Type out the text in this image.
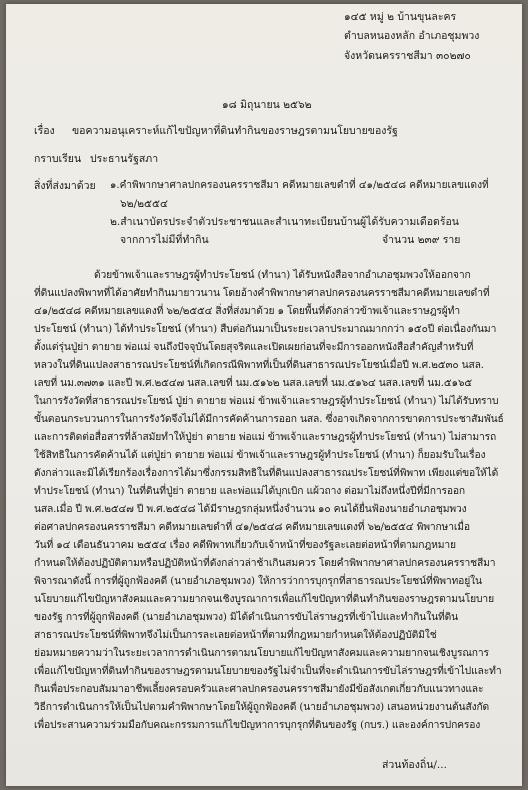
๑๔๕ หมู่ ๒ บ้านขุนละคร
ตำบลหนองหลัก อำเภอชุมพวง
จังหวัดนครราชสีมา ๓๐๒๗๐
๑๘ มิถุนายน ๒๕๖๒
เรื่อง ขอความอนุเคราะห์แก้ไขปัญหาที่ดินทำกินของราษฎรตามนโยบายของรัฐ
กราบเรียน ประธานรัฐสภา
สิ่งที่ส่งมาด้วย ๑.คำพิพากษาศาลปกครองนครราชสีมา คดีหมายเลขดำที่ ๔๑/๒๕๔๘ คดีหมายเลขแดงที่
๖๒/๒๕๕๔
๒.สำเนาบัตรประจำตัวประชาชนและสำเนาทะเบียนบ้านผู้ได้รับความเดือดร้อน
จากการไม่มีที่ทำกิน	จำนวน ๒๓๙ ราย
ด้วยข้าพเจ้าและราษฎรผู้ทำประโยชน์ (ทำนา) ได้รับหนังสือจากอำเภอชุมพวงให้ออกจาก
ที่ดินแปลงพิพาทที่ได้อาศัยทำกินมายาวนาน โดยอ้างคำพิพากษาศาลปกครองนครราชสีมาคดีหมายเลขดำที่
๔๑/๒๕๔๘ คดีหมายเลขแดงที่ ๖๒/๒๕๕๔ สิ่งที่ส่งมาด้วย ๑ โดยพื้นที่ดังกล่าวข้าพเจ้าและราษฎรผู้ทำ
ประโยชน์ (ทำนา) ได้ทำประโยชน์ (ทำนา) สืบต่อกันมาเป็นระยะเวลาประมาณมากกว่า ๑๕๐ปี ต่อเนื่องกันมา
ตั้งแต่รุ่นปู่ย่า ตายาย พ่อแม่ จนถึงปัจจุบันโดยสุจริตและเปิดเผยก่อนที่จะมีการออกหนังสือสำคัญสำหรับที่
หลวงในที่ดินแปลงสาธารณประโยชน์ที่เกิดกรณีพิพาทที่เป็นที่ดินสาธารณประโยชน์เมื่อปี พ.ศ.๒๕๓๐ นสล.
เลขที่ นม.๓๗๓๑ และปี พ.ศ.๒๕๔๗ นสล.เลขที่ นม.๕๑๖๒ นสล.เลขที่ นม.๕๑๖๔ นสล.เลขที่ นม.๕๑๖๕
ในการรังวัดที่สาธารณประโยชน์ ปู่ย่า ตายาย พ่อแม่ ข้าพเจ้าและราษฎรผู้ทำประโยชน์ (ทำนา) ไม่ได้รับทราบ
ขั้นตอนกระบวนการในการรังวัดจึงไม่ได้มีการคัดค้านการออก นสล. ซึ่งอาจเกิดจากการขาดการประชาสัมพันธ์
และการติดต่อสื่อสารที่ล้าสมัยทำให้ปู่ย่า ตายาย พ่อแม่ ข้าพเจ้าและราษฎรผู้ทำประโยชน์ (ทำนา) ไม่สามารถ
ใช้สิทธิในการคัดค้านได้ แต่ปู่ย่า ตายาย พ่อแม่ ข้าพเจ้าและราษฎรผู้ทำประโยชน์ (ทำนา) ก็ยอมรับในเรื่อง
ดังกล่าวและมิได้เรียกร้องเรื่องการได้มาซึ่งกรรมสิทธิในที่ดินแปลงสาธารณประโยชน์ที่พิพาท เพียงแต่ขอให้ได้
ทำประโยชน์ (ทำนา) ในที่ดินที่ปู่ย่า ตายาย และพ่อแม่ได้บุกเบิก แผ้วถาง ต่อมาไม่ถึงหนึ่งปีที่มีการออก
นสล.เมื่อ ปี พ.ศ.๒๕๔๗ ปี พ.ศ.๒๕๔๘ ได้มีราษฎรกลุ่มหนึ่งจำนวน ๑๐ คนได้ยื่นฟ้องนายอำเภอชุมพวง
ต่อศาลปกครองนครราชสีมา คดีหมายเลขดำที่ ๔๑/๒๕๔๘ คดีหมายเลขแดงที่ ๖๒/๒๕๕๔ พิพากษาเมื่อ
วันที่ ๑๔ เดือนธันวาคม ๒๕๕๔ เรื่อง คดีพิพาทเกี่ยวกับเจ้าหน้าที่ของรัฐละเลยต่อหน้าที่ตามกฎหมาย
กำหนดให้ต้องปฏิบัติตามหรือปฏิบัติหน้าที่ดังกล่าวล่าช้าเกินสมควร โดยคำพิพากษาศาลปกครองนครราชสีมา
พิจารณาดังนี้ การที่ผู้ถูกฟ้องคดี (นายอำเภอชุมพวง) ให้การว่าการบุกรุกที่สาธารณประโยชน์ที่พิพาทอยู่ใน
นโยบายแก้ไขปัญหาสังคมและความยากจนเชิงบูรณาการเพื่อแก้ไขปัญหาที่ดินทำกินของราษฎรตามนโยบาย
ของรัฐ การที่ผู้ถูกฟ้องคดี (นายอำเภอชุมพวง) มิได้ดำเนินการขับไล่ราษฎรที่เข้าไปและทำกินในที่ดิน
สาธารณประโยชน์ที่พิพาทจึงไม่เป็นการละเลยต่อหน้าที่ตามที่กฎหมายกำหนดให้ต้องปฏิบัติมิใช่
ย่อมหมายความว่าในระยะเวลาการดำเนินการตามนโยบายแก้ไขปัญหาสังคมและความยากจนเชิงบูรณการ
เพื่อแก้ไขปัญหาที่ดินทำกินของราษฎรตามนโยบายของรัฐไม่จำเป็นที่จะดำเนินการขับไล่ราษฎรที่เข้าไปและทำ
กินเพื่อประกอบสัมมาอาชีพเลี้ยงครอบครัวและศาลปกครองนครราชสีมายังมีข้อสังเกตเกี่ยวกับแนวทางและ
วิธีการดำเนินการให้เป็นไปตามคำพิพากษาโดยให้ผู้ถูกฟ้องคดี (นายอำเภอชุมพวง) เสนอหน่วยงานต้นสังกัด
เพื่อประสานความร่วมมือกับคณะกรรมการแก้ไขปัญหาการบุกรุกที่ดินของรัฐ (กบร.) และองค์การปกครอง
ส่วนท้องถิ่น/...
